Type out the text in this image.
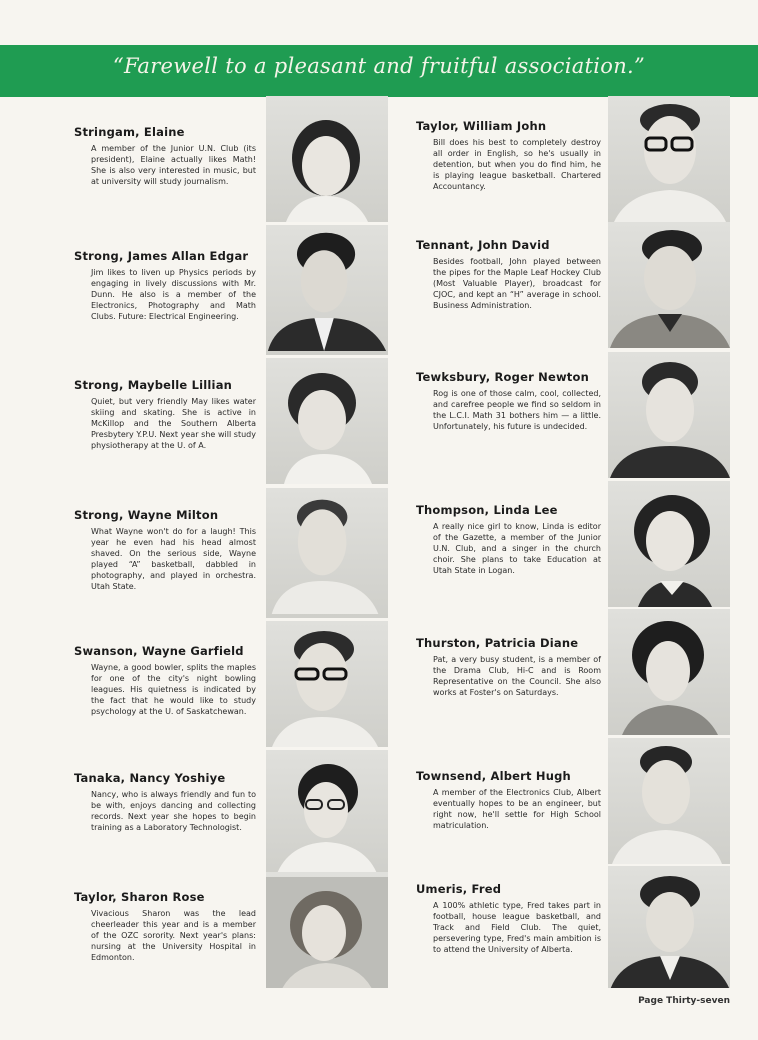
“Farewell to a pleasant and fruitful association.”
Stringam, Elaine
A member of the Junior U.N. Club (its president), Elaine actually likes Math! She is also very interested in music, but at university will study journalism.
Strong, James Allan Edgar
Jim likes to liven up Physics periods by engaging in lively discussions with Mr. Dunn. He also is a member of the Electronics, Photography and Math Clubs. Future: Electrical Engineering.
Strong, Maybelle Lillian
Quiet, but very friendly May likes water skiing and skating. She is active in McKillop and the Southern Alberta Presbytery Y.P.U. Next year she will study physiotherapy at the U. of A.
Strong, Wayne Milton
What Wayne won't do for a laugh! This year he even had his head almost shaved. On the serious side, Wayne played “A” basketball, dabbled in photography, and played in orchestra. Utah State.
Swanson, Wayne Garfield
Wayne, a good bowler, splits the maples for one of the city's night bowling leagues. His quietness is indicated by the fact that he would like to study psychology at the U. of Saskatchewan.
Tanaka, Nancy Yoshiye
Nancy, who is always friendly and fun to be with, enjoys dancing and collecting records. Next year she hopes to begin training as a Laboratory Technologist.
Taylor, Sharon Rose
Vivacious Sharon was the lead cheerleader this year and is a member of the OZC sorority. Next year's plans: nursing at the University Hospital in Edmonton.
Taylor, William John
Bill does his best to completely destroy all order in English, so he's usually in detention, but when you do find him, he is playing league basketball. Chartered Accountancy.
Tennant, John David
Besides football, John played between the pipes for the Maple Leaf Hockey Club (Most Valuable Player), broadcast for CJOC, and kept an “H” average in school. Business Administration.
Tewksbury, Roger Newton
Rog is one of those calm, cool, collected, and carefree people we find so seldom in the L.C.I. Math 31 bothers him — a little. Unfortunately, his future is undecided.
Thompson, Linda Lee
A really nice girl to know, Linda is editor of the Gazette, a member of the Junior U.N. Club, and a singer in the church choir. She plans to take Education at Utah State in Logan.
Thurston, Patricia Diane
Pat, a very busy student, is a member of the Drama Club, Hi-C and is Room Representative on the Council. She also works at Foster's on Saturdays.
Townsend, Albert Hugh
A member of the Electronics Club, Albert eventually hopes to be an engineer, but right now, he'll settle for High School matriculation.
Umeris, Fred
A 100% athletic type, Fred takes part in football, house league basketball, and Track and Field Club. The quiet, persevering type, Fred's main ambition is to attend the University of Alberta.
Page Thirty-seven
